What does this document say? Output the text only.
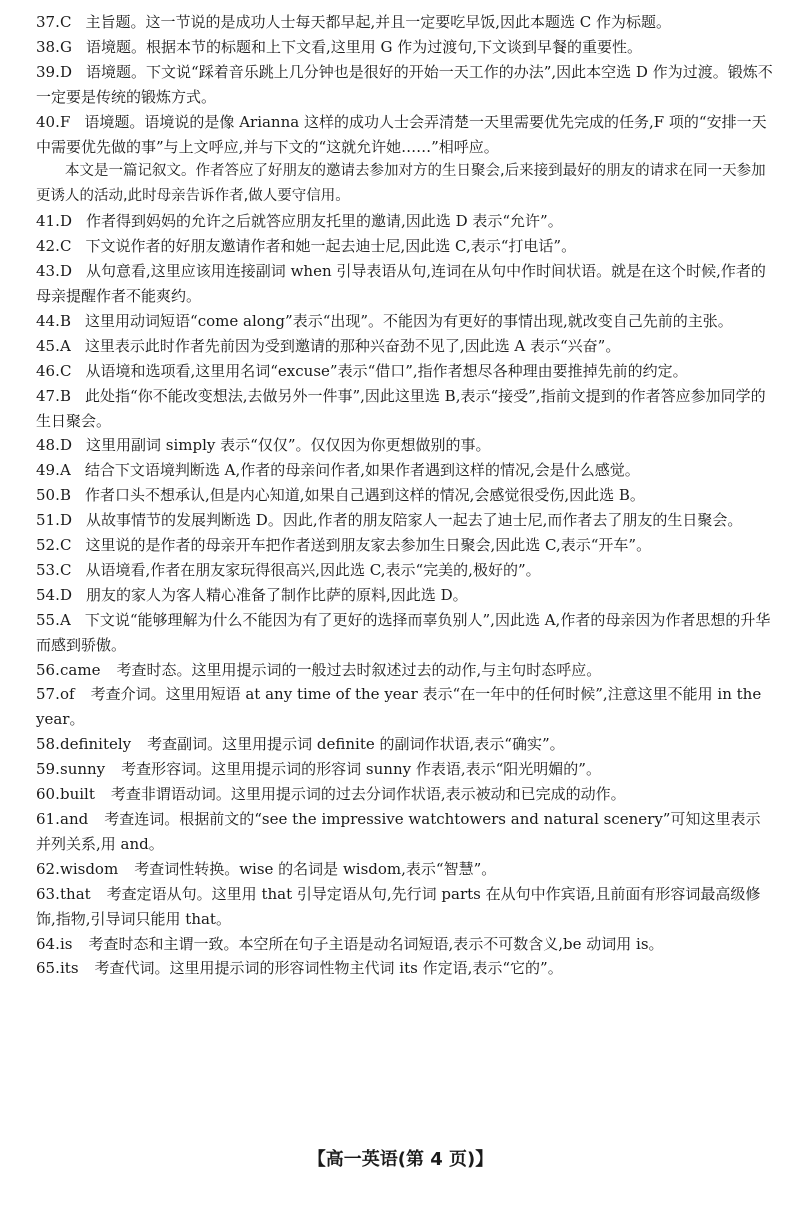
37.C 主旨题。这一节说的是成功人士每天都早起,并且一定要吃早饭,因此本题选 C 作为标题。

38.G 语境题。根据本节的标题和上下文看,这里用 G 作为过渡句,下文谈到早餐的重要性。

39.D 语境题。下文说“踩着音乐跳上几分钟也是很好的开始一天工作的办法”,因此本空选 D 作为过渡。锻炼不一定要是传统的锻炼方式。

40.F 语境题。语境说的是像 Arianna 这样的成功人士会弄清楚一天里需要优先完成的任务,F 项的“安排一天中需要优先做的事”与上文呼应,并与下文的“这就允许她……”相呼应。

本文是一篇记叙文。作者答应了好朋友的邀请去参加对方的生日聚会,后来接到最好的朋友的请求在同一天参加更诱人的活动,此时母亲告诉作者,做人要守信用。

41.D 作者得到妈妈的允许之后就答应朋友托里的邀请,因此选 D 表示“允许”。

42.C 下文说作者的好朋友邀请作者和她一起去迪士尼,因此选 C,表示“打电话”。

43.D 从句意看,这里应该用连接副词 when 引导表语从句,连词在从句中作时间状语。就是在这个时候,作者的母亲提醒作者不能爽约。

44.B 这里用动词短语“come along”表示“出现”。不能因为有更好的事情出现,就改变自己先前的主张。

45.A 这里表示此时作者先前因为受到邀请的那种兴奋劲不见了,因此选 A 表示“兴奋”。

46.C 从语境和选项看,这里用名词“excuse”表示“借口”,指作者想尽各种理由要推掉先前的约定。

47.B 此处指“你不能改变想法,去做另外一件事”,因此这里选 B,表示“接受”,指前文提到的作者答应参加同学的生日聚会。

48.D 这里用副词 simply 表示“仅仅”。仅仅因为你更想做别的事。

49.A 结合下文语境判断选 A,作者的母亲问作者,如果作者遇到这样的情况,会是什么感觉。

50.B 作者口头不想承认,但是内心知道,如果自己遇到这样的情况,会感觉很受伤,因此选 B。

51.D 从故事情节的发展判断选 D。因此,作者的朋友陪家人一起去了迪士尼,而作者去了朋友的生日聚会。

52.C 这里说的是作者的母亲开车把作者送到朋友家去参加生日聚会,因此选 C,表示“开车”。

53.C 从语境看,作者在朋友家玩得很高兴,因此选 C,表示“完美的,极好的”。

54.D 朋友的家人为客人精心准备了制作比萨的原料,因此选 D。

55.A 下文说“能够理解为什么不能因为有了更好的选择而辜负别人”,因此选 A,作者的母亲因为作者思想的升华而感到骄傲。

56.came 考查时态。这里用提示词的一般过去时叙述过去的动作,与主句时态呼应。

57.of 考查介词。这里用短语 at any time of the year 表示“在一年中的任何时候”,注意这里不能用 in the year。

58.definitely 考查副词。这里用提示词 definite 的副词作状语,表示“确实”。

59.sunny 考查形容词。这里用提示词的形容词 sunny 作表语,表示“阳光明媚的”。

60.built 考查非谓语动词。这里用提示词的过去分词作状语,表示被动和已完成的动作。

61.and 考查连词。根据前文的“see the impressive watchtowers and natural scenery”可知这里表示并列关系,用 and。

62.wisdom 考查词性转换。wise 的名词是 wisdom,表示“智慧”。

63.that 考查定语从句。这里用 that 引导定语从句,先行词 parts 在从句中作宾语,且前面有形容词最高级修饰,指物,引导词只能用 that。

64.is 考查时态和主谓一致。本空所在句子主语是动名词短语,表示不可数含义,be 动词用 is。

65.its 考查代词。这里用提示词的形容词性物主代词 its 作定语,表示“它的”。

【高一英语(第 4 页)】
